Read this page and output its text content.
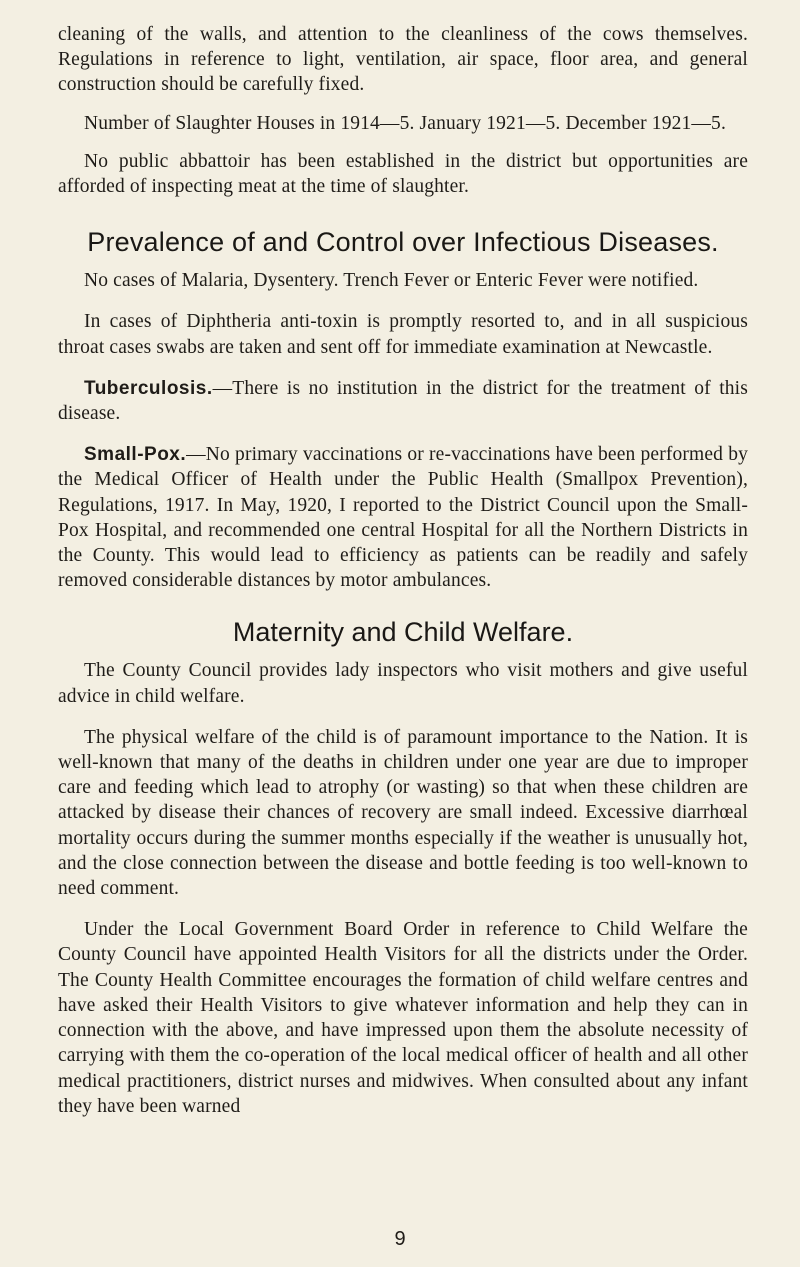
cleaning of the walls, and attention to the cleanliness of the cows themselves. Regulations in reference to light, ventilation, air space, floor area, and general construction should be carefully fixed.

Number of Slaughter Houses in 1914—5. January 1921—5. December 1921—5.

No public abbattoir has been established in the district but opportunities are afforded of inspecting meat at the time of slaughter.

Prevalence of and Control over Infectious Diseases.

No cases of Malaria, Dysentery. Trench Fever or Enteric Fever were notified.

In cases of Diphtheria anti-toxin is promptly resorted to, and in all suspicious throat cases swabs are taken and sent off for immediate examination at Newcastle.

Tuberculosis.—There is no institution in the district for the treatment of this disease.

Small-Pox.—No primary vaccinations or re-vaccinations have been performed by the Medical Officer of Health under the Public Health (Smallpox Prevention), Regulations, 1917. In May, 1920, I reported to the District Council upon the Small-Pox Hospital, and recommended one central Hospital for all the Northern Districts in the County. This would lead to efficiency as patients can be readily and safely removed considerable distances by motor ambulances.

Maternity and Child Welfare.

The County Council provides lady inspectors who visit mothers and give useful advice in child welfare.

The physical welfare of the child is of paramount importance to the Nation. It is well-known that many of the deaths in children under one year are due to improper care and feeding which lead to atrophy (or wasting) so that when these children are attacked by disease their chances of recovery are small indeed. Excessive diarrhœal mortality occurs during the summer months especially if the weather is unusually hot, and the close connection between the disease and bottle feeding is too well-known to need comment.

Under the Local Government Board Order in reference to Child Welfare the County Council have appointed Health Visitors for all the districts under the Order. The County Health Committee encourages the formation of child welfare centres and have asked their Health Visitors to give whatever information and help they can in connection with the above, and have impressed upon them the absolute necessity of carrying with them the co-operation of the local medical officer of health and all other medical practitioners, district nurses and midwives. When consulted about any infant they have been warned

9
